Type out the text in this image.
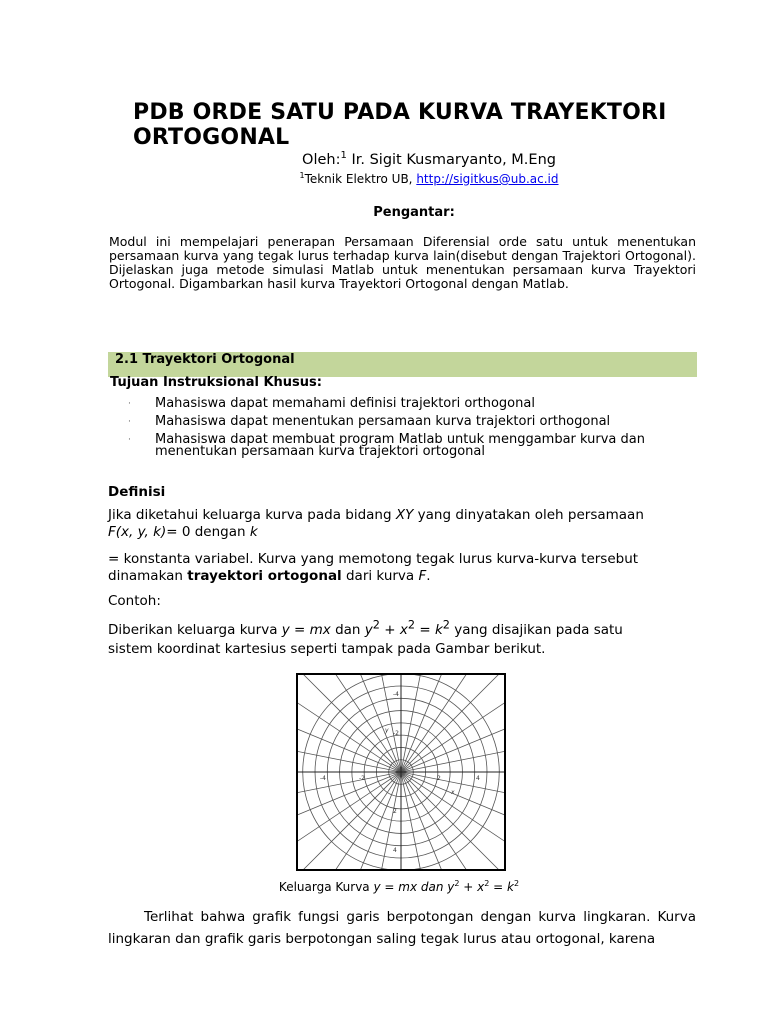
PDB ORDE SATU PADA KURVA TRAYEKTORI ORTOGONAL
Oleh:$^1$ Ir. Sigit Kusmaryanto, M.Eng
$^1$Teknik Elektro UB, http://sigitkus@ub.ac.id
Pengantar:
Modul ini mempelajari penerapan Persamaan Diferensial orde satu untuk menentukan persamaan kurva yang tegak lurus terhadap kurva lain(disebut dengan Trajektori Ortogonal). Dijelaskan juga metode simulasi Matlab untuk menentukan persamaan kurva Trayektori Ortogonal. Digambarkan hasil kurva Trayektori Ortogonal dengan Matlab.
2.1 Trayektori Ortogonal
Tujuan Instruksional Khusus:
· Mahasiswa dapat memahami definisi trajektori orthogonal
· Mahasiswa dapat menentukan persamaan kurva trajektori orthogonal
· Mahasiswa dapat membuat program Matlab untuk menggambar kurva dan menentukan persamaan kurva trajektori ortogonal
Definisi
Jika diketahui keluarga kurva pada bidang XY yang dinyatakan oleh persamaan
F(x, y, k)= 0 dengan k
= konstanta variabel. Kurva yang memotong tegak lurus kurva-kurva tersebut
dinamakan trayektori ortogonal dari kurva F.
Contoh:
Diberikan keluarga kurva y = mx dan $y^2 + x^2 = k^2$ yang disajikan pada satu
sistem koordinat kartesius seperti tampak pada Gambar berikut.
-4
4
-2
2
2
-2
4
-4
x
y
Keluarga Kurva y = mx dan $y^2 + x^2 = k^2$
Terlihat bahwa grafik fungsi garis berpotongan dengan kurva lingkaran. Kurva lingkaran dan grafik garis berpotongan saling tegak lurus atau ortogonal, karena
